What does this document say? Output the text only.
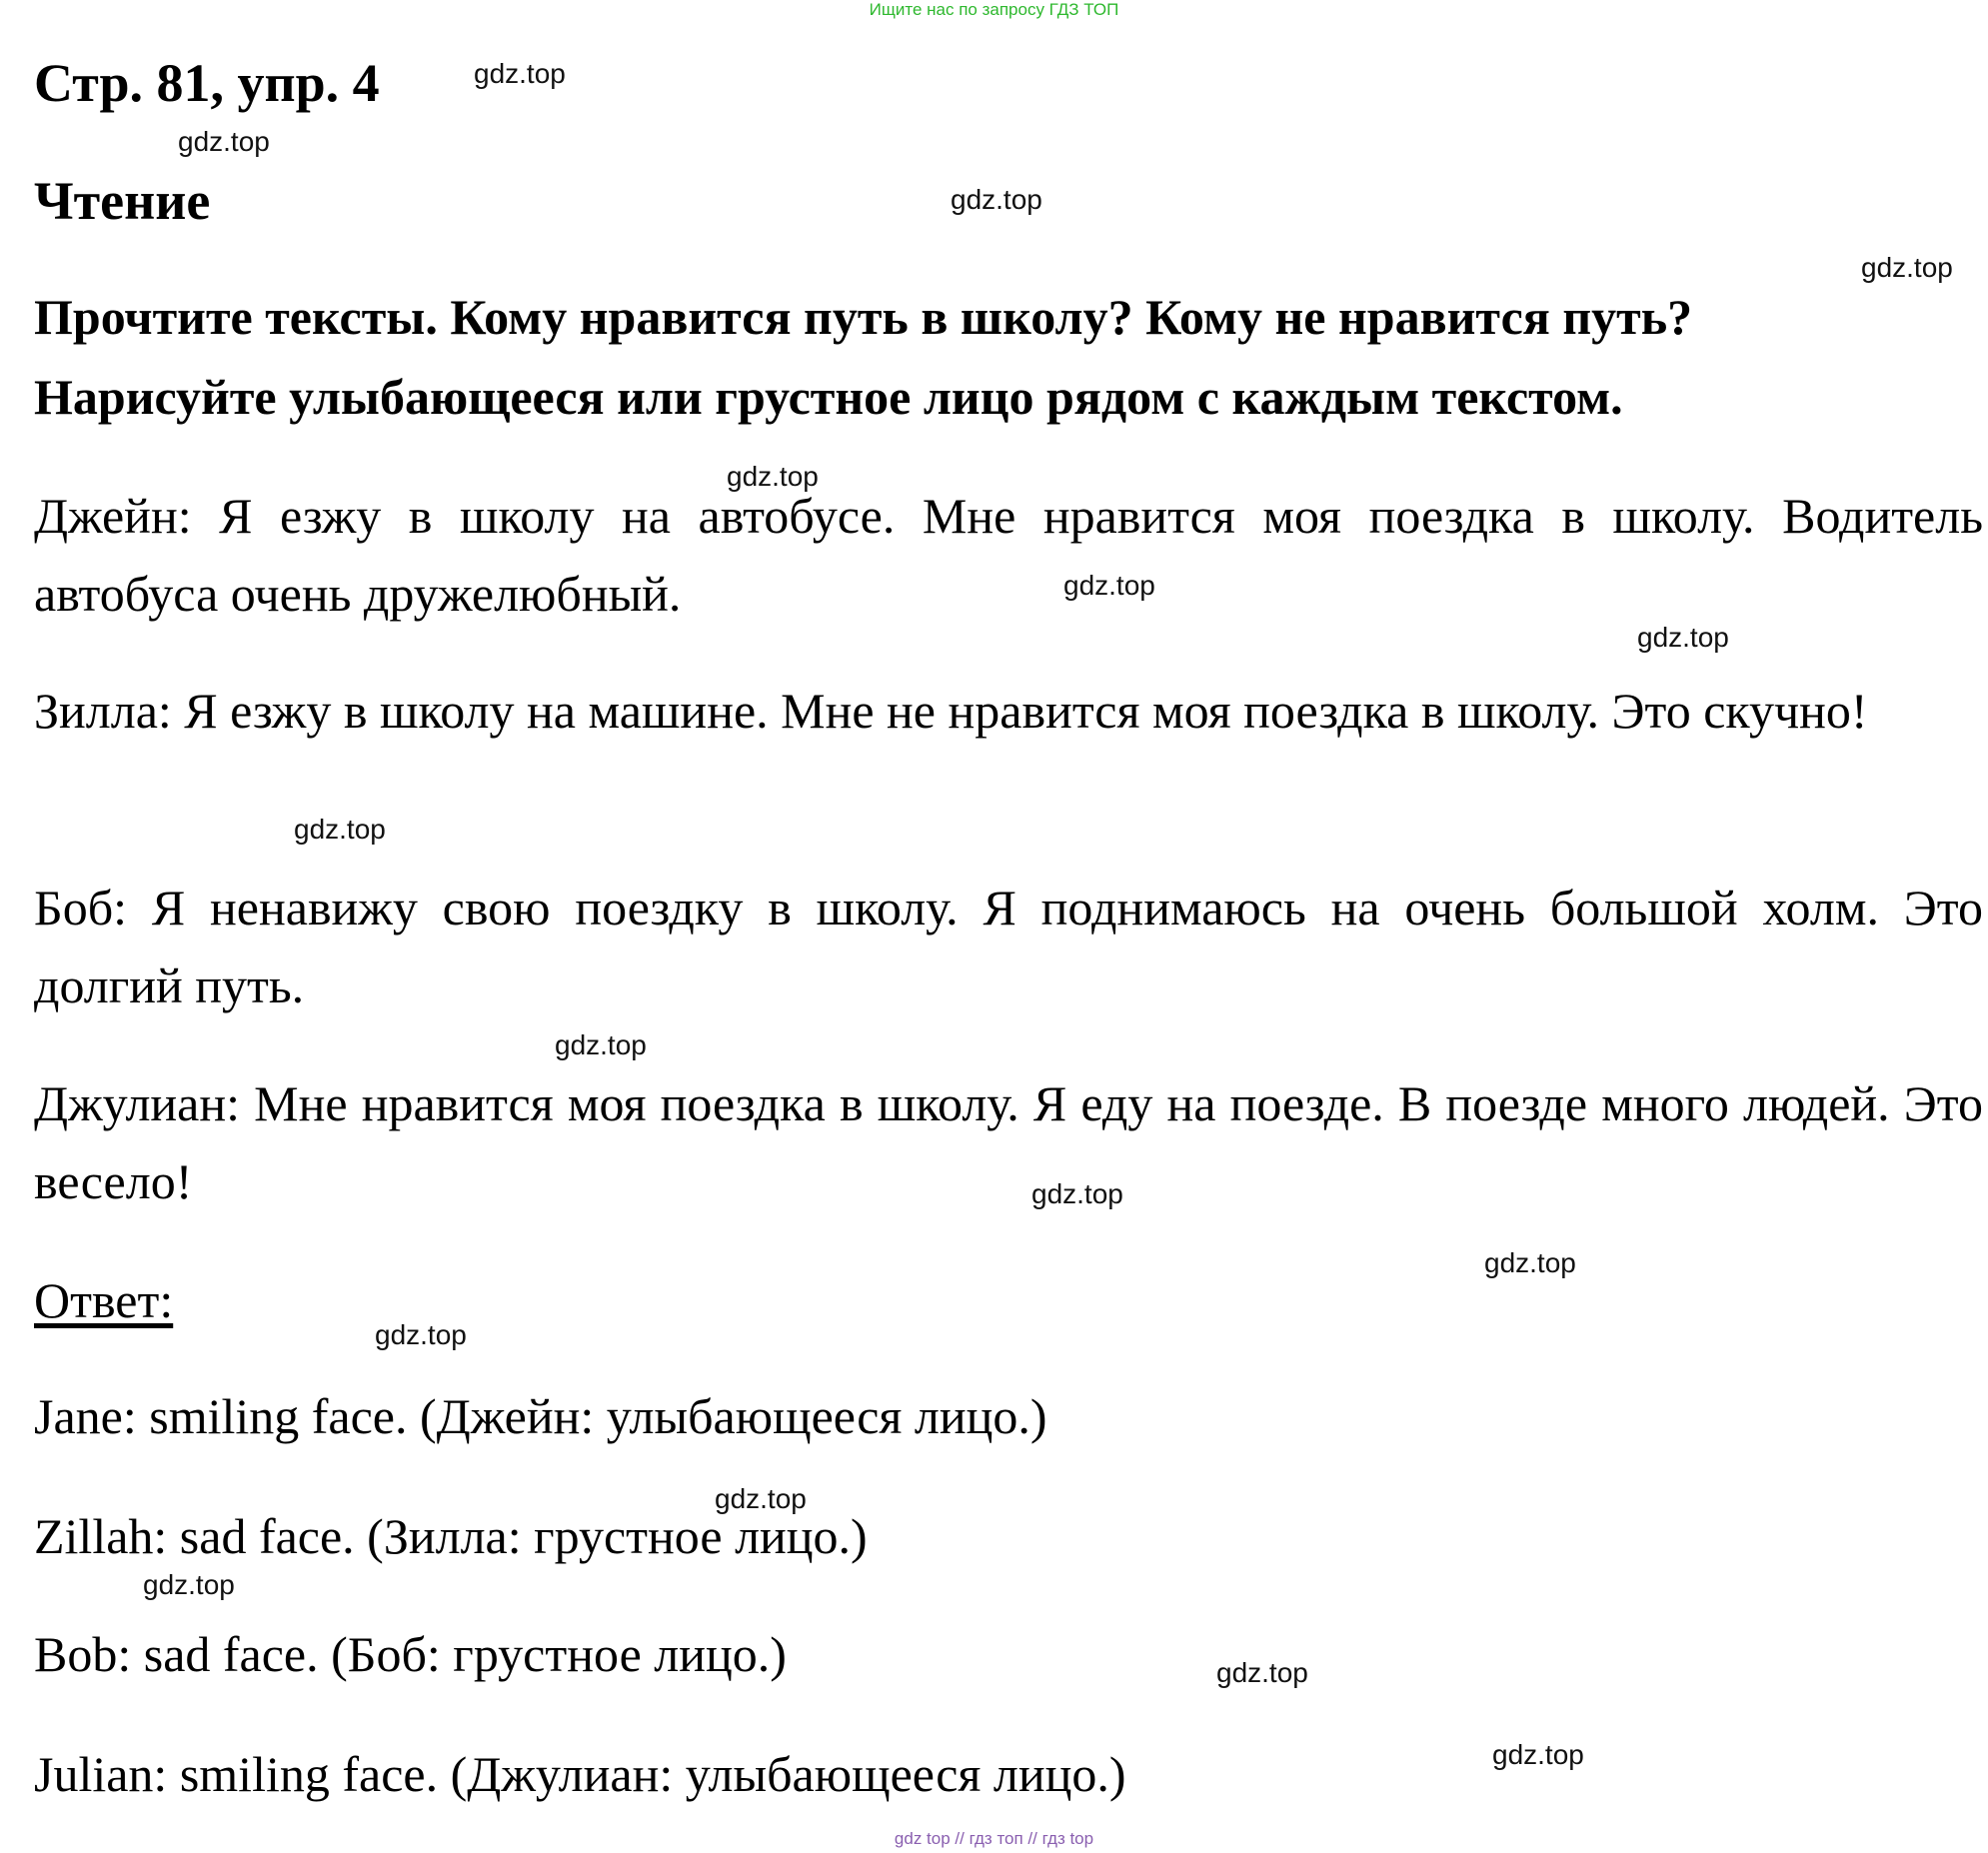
Ищите нас по запросу ГДЗ ТОП
Стр. 81, упр. 4
Чтение
Прочтите тексты. Кому нравится путь в школу? Кому не нравится путь?
Нарисуйте улыбающееся или грустное лицо рядом с каждым текстом.
Джейн: Я езжу в школу на автобусе. Мне нравится моя поездка в школу. Водитель автобуса очень дружелюбный.
Зилла: Я езжу в школу на машине. Мне не нравится моя поездка в школу. Это скучно!
Боб: Я ненавижу свою поездку в школу. Я поднимаюсь на очень большой холм. Это долгий путь.
Джулиан: Мне нравится моя поездка в школу. Я еду на поезде. В поезде много людей. Это весело!
Ответ:
Jane: smiling face. (Джейн: улыбающееся лицо.)
Zillah: sad face. (Зилла: грустное лицо.)
Bob: sad face. (Боб: грустное лицо.)
Julian: smiling face. (Джулиан: улыбающееся лицо.)
gdz.top
gdz.top
gdz.top
gdz.top
gdz.top
gdz.top
gdz.top
gdz.top
gdz.top
gdz.top
gdz.top
gdz.top
gdz.top
gdz.top
gdz.top
gdz.top
gdz top // гдз топ // гдз top
